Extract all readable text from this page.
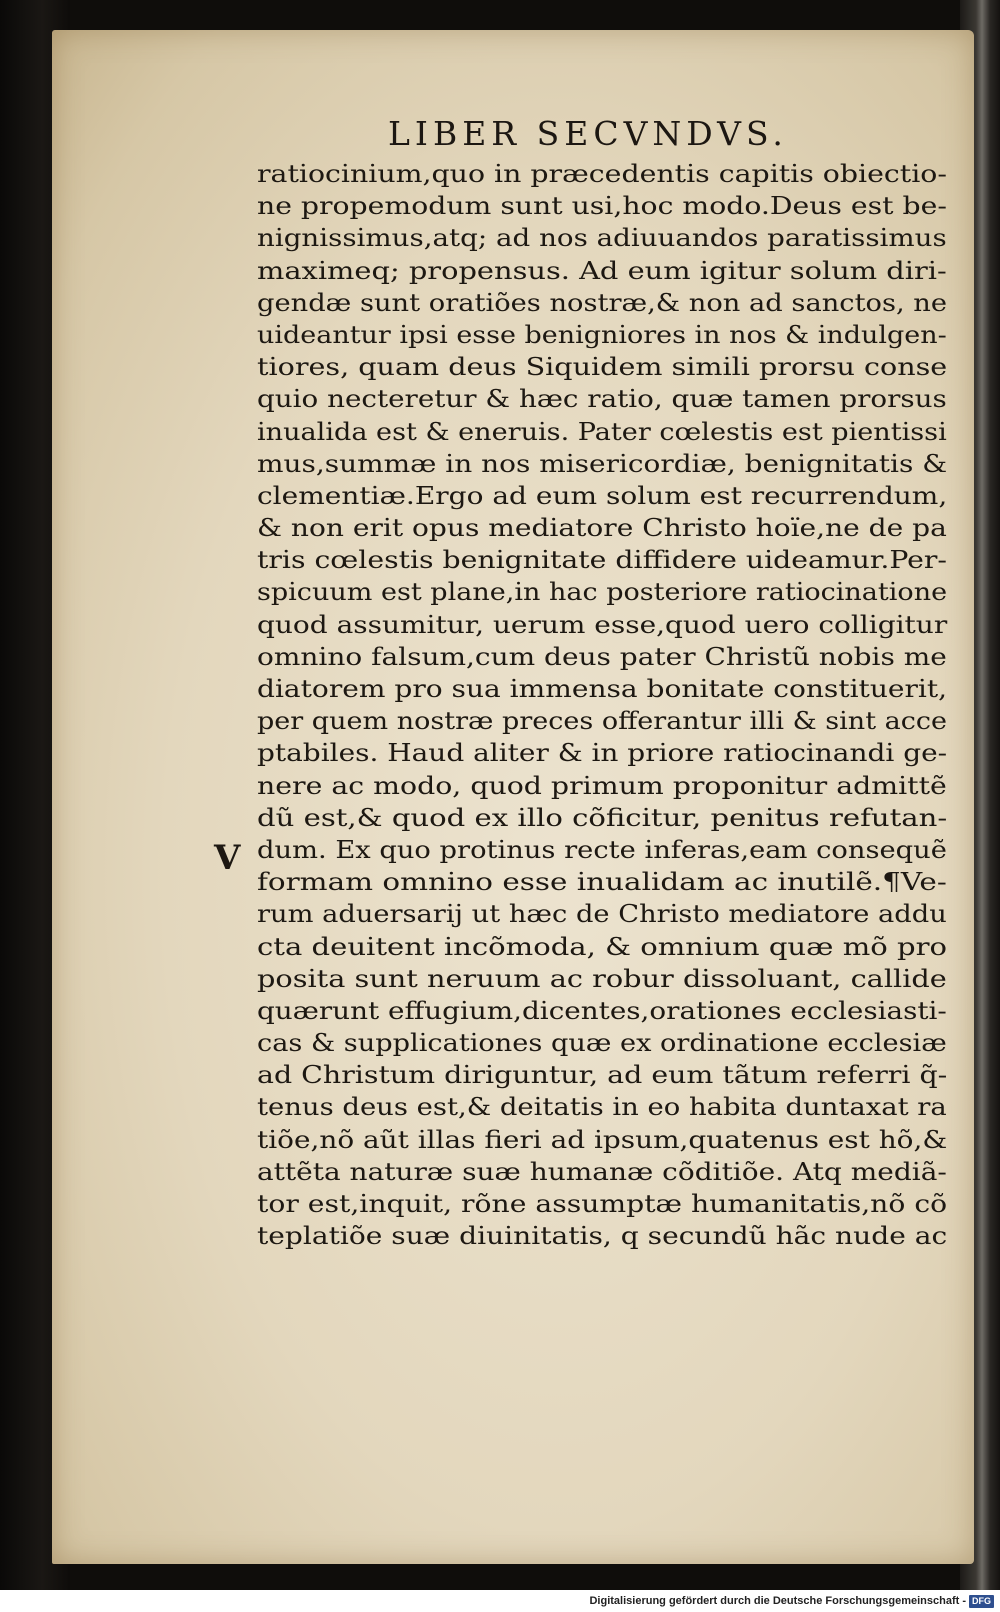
LIBER SECVNDVS.
V
ratiocinium,quo in præcedentis capitis obiectio-
ne propemodum sunt usi,hoc modo.Deus est be-
nignissimus,atq; ad nos adiuuandos paratissimus
maximeq; propensus. Ad eum igitur solum diri-
gendæ sunt oratiões nostræ,& non ad sanctos, ne
uideantur ipsi esse benigniores in nos & indulgen-
tiores, quam deus Siquidem simili prorsu conse
quio necteretur & hæc ratio, quæ tamen prorsus
inualida est & eneruis. Pater cœlestis est pientissi
mus,summæ in nos misericordiæ, benignitatis &
clementiæ.Ergo ad eum solum est recurrendum,
& non erit opus mediatore Christo hoïe,ne de pa
tris cœlestis benignitate diffidere uideamur.Per-
spicuum est plane,in hac posteriore ratiocinatione
quod assumitur, uerum esse,quod uero colligitur
omnino falsum,cum deus pater Christũ nobis me
diatorem pro sua immensa bonitate constituerit,
per quem nostræ preces offerantur illi & sint acce
ptabiles. Haud aliter & in priore ratiocinandi ge-
nere ac modo, quod primum proponitur admittẽ
dũ est,& quod ex illo cõficitur, penitus refutan-
dum. Ex quo protinus recte inferas,eam consequẽ
formam omnino esse inualidam ac inutilẽ.¶Ve-
rum aduersarij ut hæc de Christo mediatore addu
cta deuitent incõmoda, & omnium quæ mõ pro
posita sunt neruum ac robur dissoluant, callide
quærunt effugium,dicentes,orationes ecclesiasti-
cas & supplicationes quæ ex ordinatione ecclesiæ
ad Christum diriguntur, ad eum tãtum referri q̃-
tenus deus est,& deitatis in eo habita duntaxat ra
tiõe,nõ aũt illas fieri ad ipsum,quatenus est hõ,&
attẽta naturæ suæ humanæ cõditiõe. Atq mediã-
tor est,inquit, rõne assumptæ humanitatis,nõ cõ
teplatiõe suæ diuinitatis, q secundũ hãc nude ac
Digitalisierung gefördert durch die Deutsche Forschungsgemeinschaft - DFG
